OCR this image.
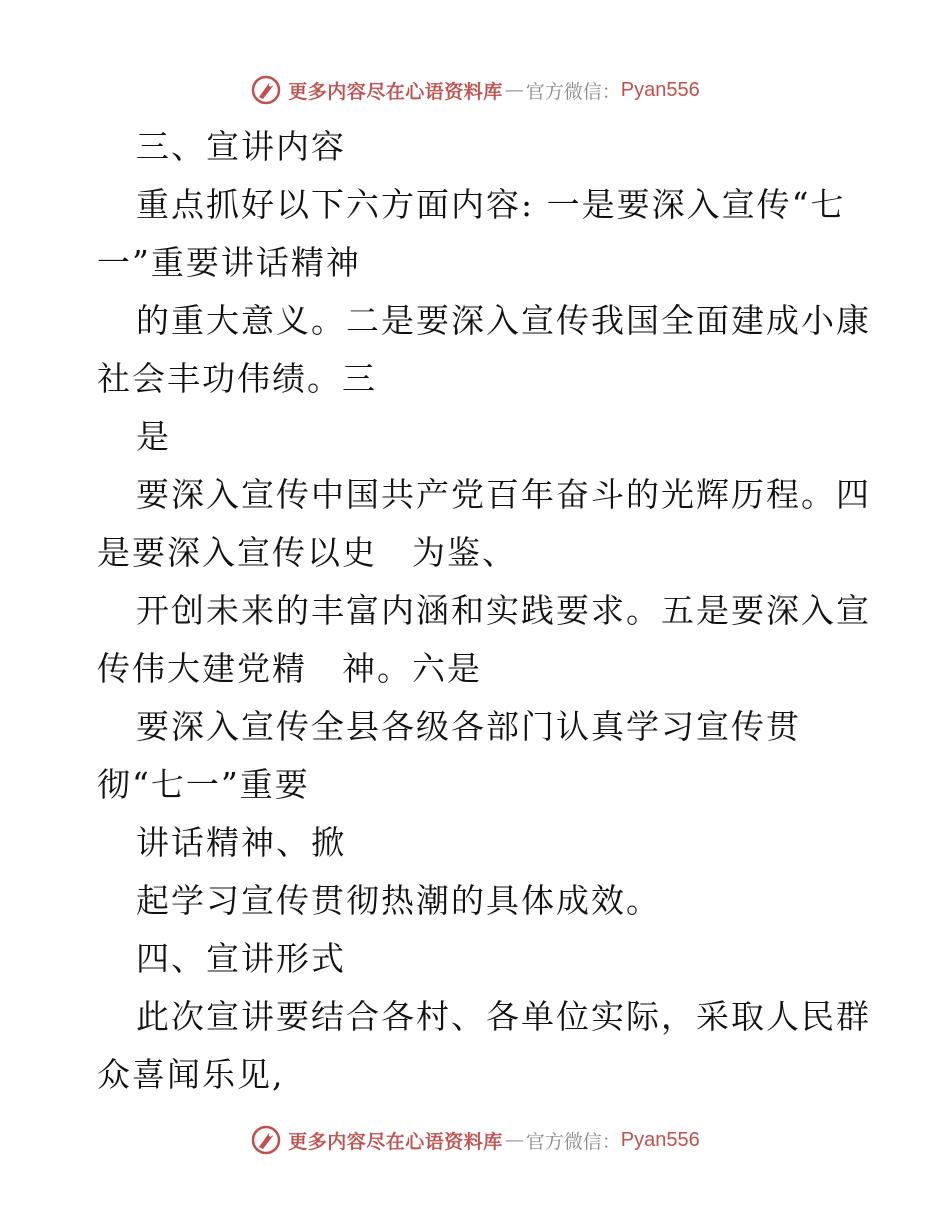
更多内容尽在心语资料库 — 官方微信： Pyan556
三、宣讲内容
重点抓好以下六方面内容: 一是要深入宣传“七
一”重要讲话精神
的重大意义。二是要深入宣传我国全面建成小康
社会丰功伟绩。三
是
要深入宣传中国共产党百年奋斗的光辉历程。四
是要深入宣传以史　为鉴、
开创未来的丰富内涵和实践要求。五是要深入宣
传伟大建党精　神。六是
要深入宣传全县各级各部门认真学习宣传贯
彻“七一”重要
讲话精神、掀
起学习宣传贯彻热潮的具体成效。
四、宣讲形式
此次宣讲要结合各村、各单位实际，采取人民群
众喜闻乐见,
更多内容尽在心语资料库 — 官方微信： Pyan556
